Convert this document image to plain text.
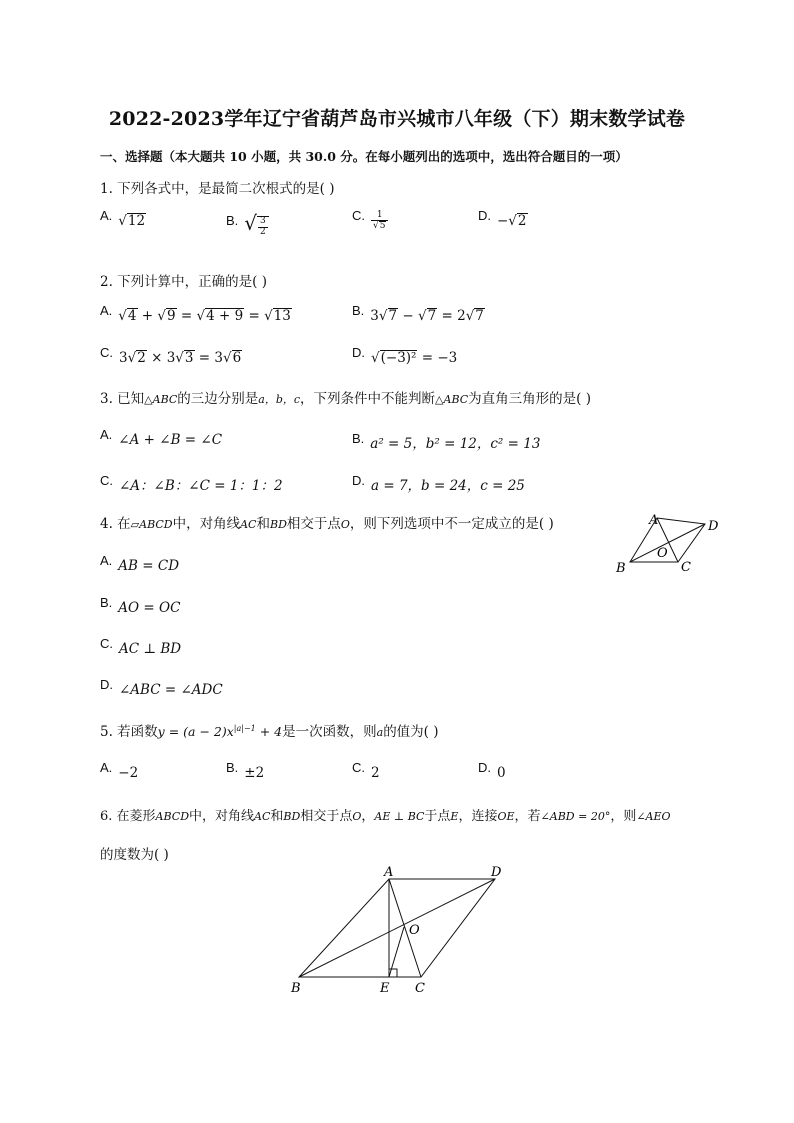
2022-2023学年辽宁省葫芦岛市兴城市八年级（下）期末数学试卷
一、选择题（本大题共 10 小题，共 30.0 分。在每小题列出的选项中，选出符合题目的一项）
1. 下列各式中，是最简二次根式的是( )
A. √12	B. √ $\frac{3}{2}$
C. $\frac{1}{√5}$	D. −√2
2. 下列计算中，正确的是( )
A. √4 + √9 = √4 + 9 = √13	B. 3√7 − √7 = 2√7
C. 3√2 × 3√3 = 3√6	D. √(−3)² = −3
3. 已知△ABC的三边分别是a，b，c，下列条件中不能判断△ABC为直角三角形的是( )
A. ∠A + ∠B = ∠C	B. a² = 5，b² = 12，c² = 13
C. ∠A：∠B：∠C = 1：1：2	D. a = 7，b = 24，c = 25
4. 在▱ABCD中，对角线AC和BD相交于点O，则下列选项中不一定成立的是( )	A	D
O
B	C
A. AB = CD
B. AO = OC
C. AC ⊥ BD
D. ∠ABC = ∠ADC
5. 若函数$y = (a - 2)x^{|a|-1} + 4$是一次函数，则a的值为( )
A. −2	B. ±2	C. 2	D. 0
6. 在菱形ABCD中，对角线AC和BD相交于点O，AE ⊥ BC于点E，连接OE，若∠ABD = 20°，则∠AEO
的度数为( )
A	D
O
B	E C
